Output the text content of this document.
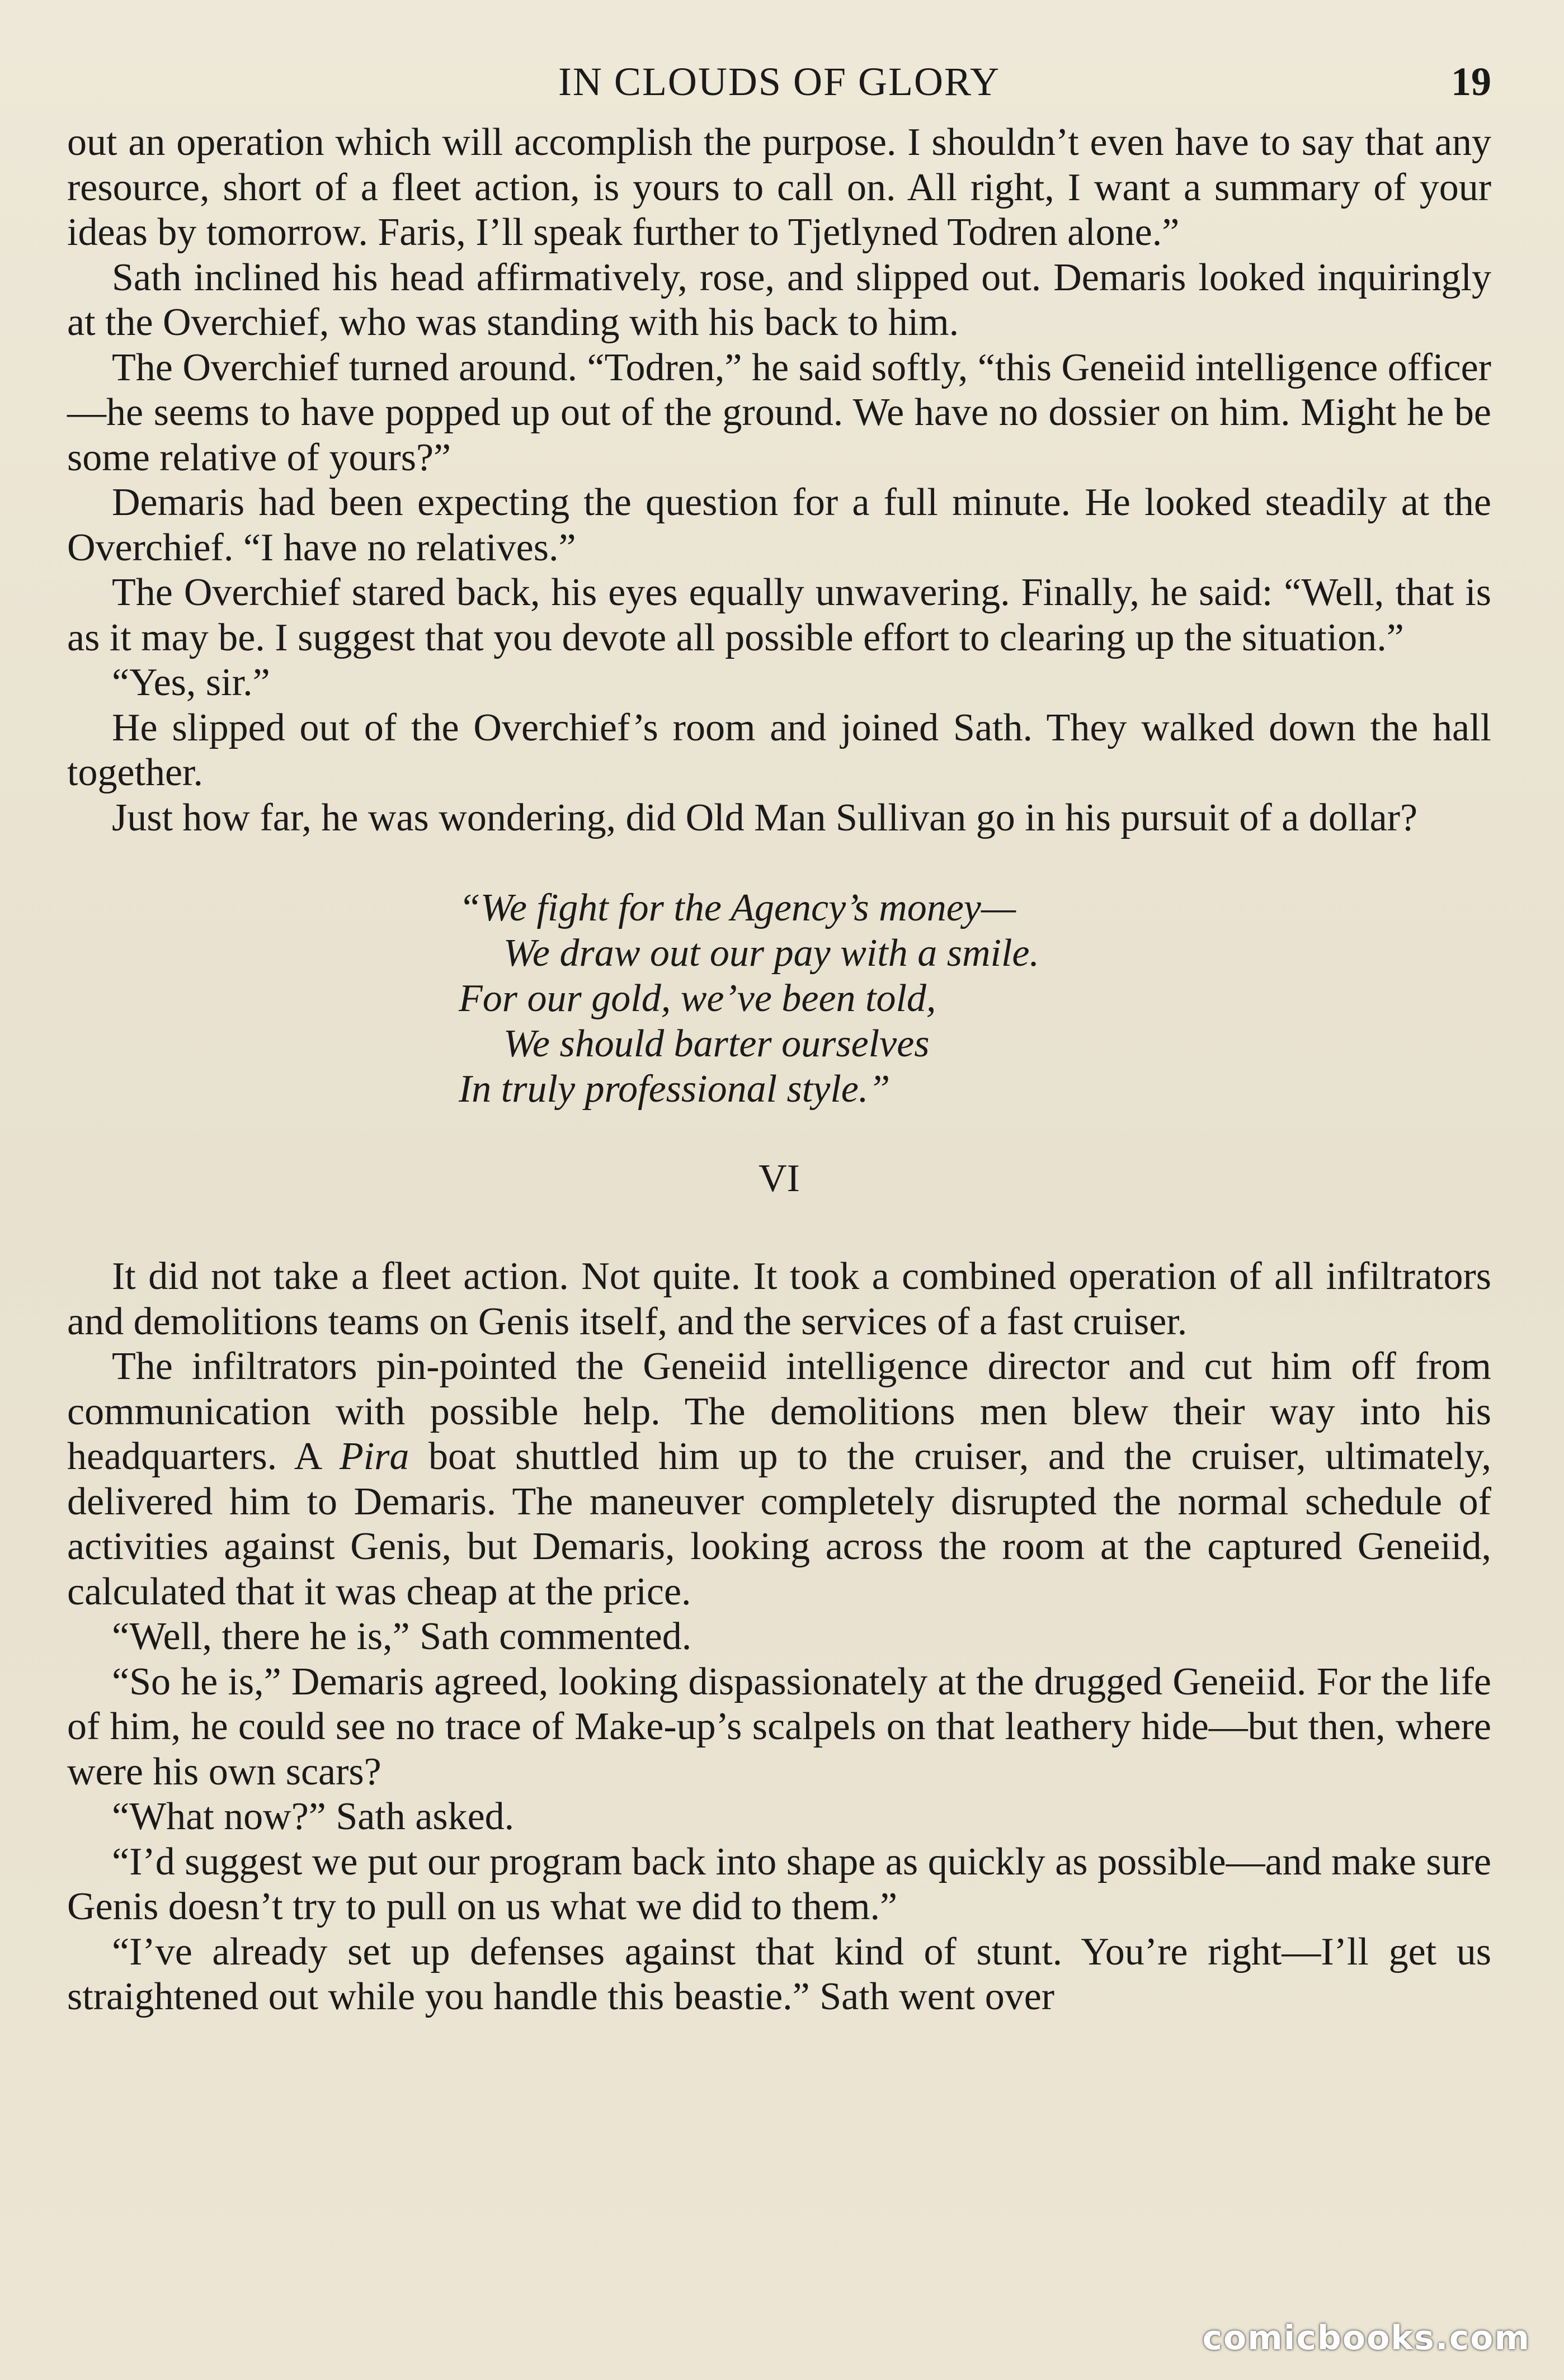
IN CLOUDS OF GLORY	19

out an operation which will accomplish the purpose. I shouldn’t even have to say that any resource, short of a fleet action, is yours to call on. All right, I want a summary of your ideas by tomorrow. Faris, I’ll speak further to Tjetlyned Todren alone.”

Sath inclined his head affirmatively, rose, and slipped out. Demaris looked inquiringly at the Overchief, who was standing with his back to him.

The Overchief turned around. “Todren,” he said softly, “this Geneiid intelligence officer—he seems to have popped up out of the ground. We have no dossier on him. Might he be some relative of yours?”

Demaris had been expecting the question for a full minute. He looked steadily at the Overchief. “I have no relatives.”

The Overchief stared back, his eyes equally unwavering. Finally, he said: “Well, that is as it may be. I suggest that you devote all possible effort to clearing up the situation.”

“Yes, sir.”

He slipped out of the Overchief’s room and joined Sath. They walked down the hall together.

Just how far, he was wondering, did Old Man Sullivan go in his pursuit of a dollar?

“We fight for the Agency’s money—
We draw out our pay with a smile.
For our gold, we’ve been told,
We should barter ourselves
In truly professional style.”
VI

It did not take a fleet action. Not quite. It took a combined operation of all infiltrators and demolitions teams on Genis itself, and the services of a fast cruiser.

The infiltrators pin-pointed the Geneiid intelligence director and cut him off from communication with possible help. The demolitions men blew their way into his headquarters. A Pira boat shuttled him up to the cruiser, and the cruiser, ultimately, delivered him to Demaris. The maneuver completely disrupted the normal schedule of activities against Genis, but Demaris, looking across the room at the captured Geneiid, calculated that it was cheap at the price.

“Well, there he is,” Sath commented.

“So he is,” Demaris agreed, looking dispassionately at the drugged Geneiid. For the life of him, he could see no trace of Make-up’s scalpels on that leathery hide—but then, where were his own scars?

“What now?” Sath asked.

“I’d suggest we put our program back into shape as quickly as possible—and make sure Genis doesn’t try to pull on us what we did to them.”

“I’ve already set up defenses against that kind of stunt. You’re right—I’ll get us straightened out while you handle this beastie.” Sath went over

comicbooks.com
